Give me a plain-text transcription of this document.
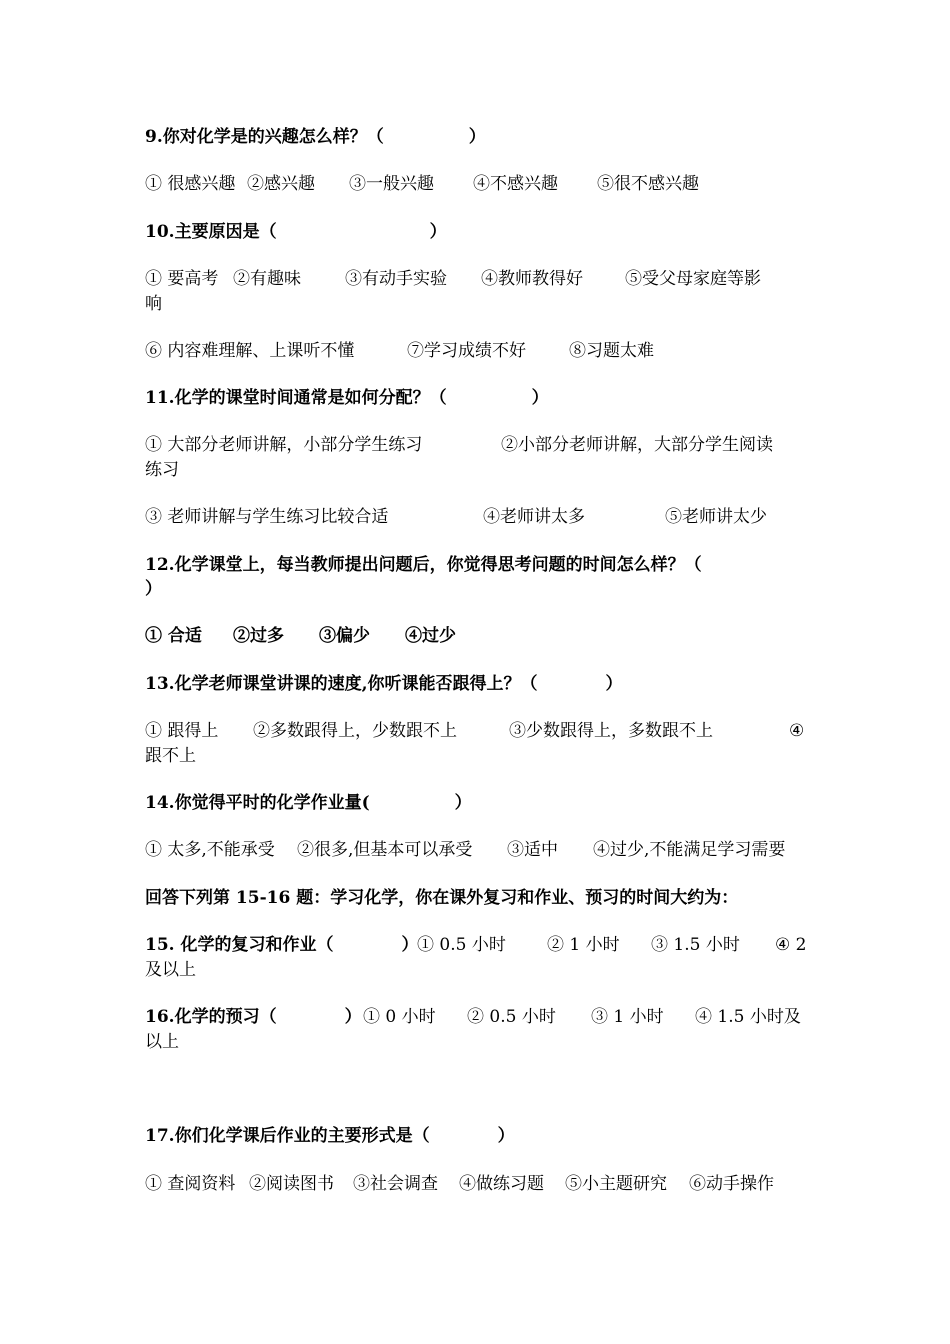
9.你对化学是的兴趣怎么样？（　　　　　）
① 很感兴趣 ②感兴趣 ③一般兴趣 ④不感兴趣 ⑤很不感兴趣
10.主要原因是（　　　　　　　　　）
① 要高考 ②有趣味	③有动手实验 ④教师教得好 ⑤受父母家庭等影
响
⑥ 内容难理解、上课听不懂	⑦学习成绩不好	⑧习题太难
11.化学的课堂时间通常是如何分配？（　　　　　）
① 大部分老师讲解，小部分学生练习	②小部分老师讲解，大部分学生阅读
练习
③ 老师讲解与学生练习比较合适	④老师讲太多	⑤老师讲太少
12.化学课堂上，每当教师提出问题后，你觉得思考问题的时间怎么样？（
）
① 合适 ②过多 ③偏少 ④过少
13.化学老师课堂讲课的速度,你听课能否跟得上？（　　　　）
① 跟得上 ②多数跟得上，少数跟不上	③少数跟得上，多数跟不上	④
跟不上
14.你觉得平时的化学作业量(　　　　　）
① 太多,不能承受 ②很多,但基本可以承受 ③适中 ④过少,不能满足学习需要
回答下列第 15-16 题：学习化学，你在课外复习和作业、预习的时间大约为：
15. 化学的复习和作业（　　　　）① 0.5 小时 ② 1 小时 ③ 1.5 小时 ④ 2
及以上
16.化学的预习（　　　　）① 0 小时 ② 0.5 小时 ③ 1 小时 ④ 1.5 小时及
以上
17.你们化学课后作业的主要形式是（　　　　）
① 查阅资料 ②阅读图书 ③社会调查 ④做练习题 ⑤小主题研究 ⑥动手操作
